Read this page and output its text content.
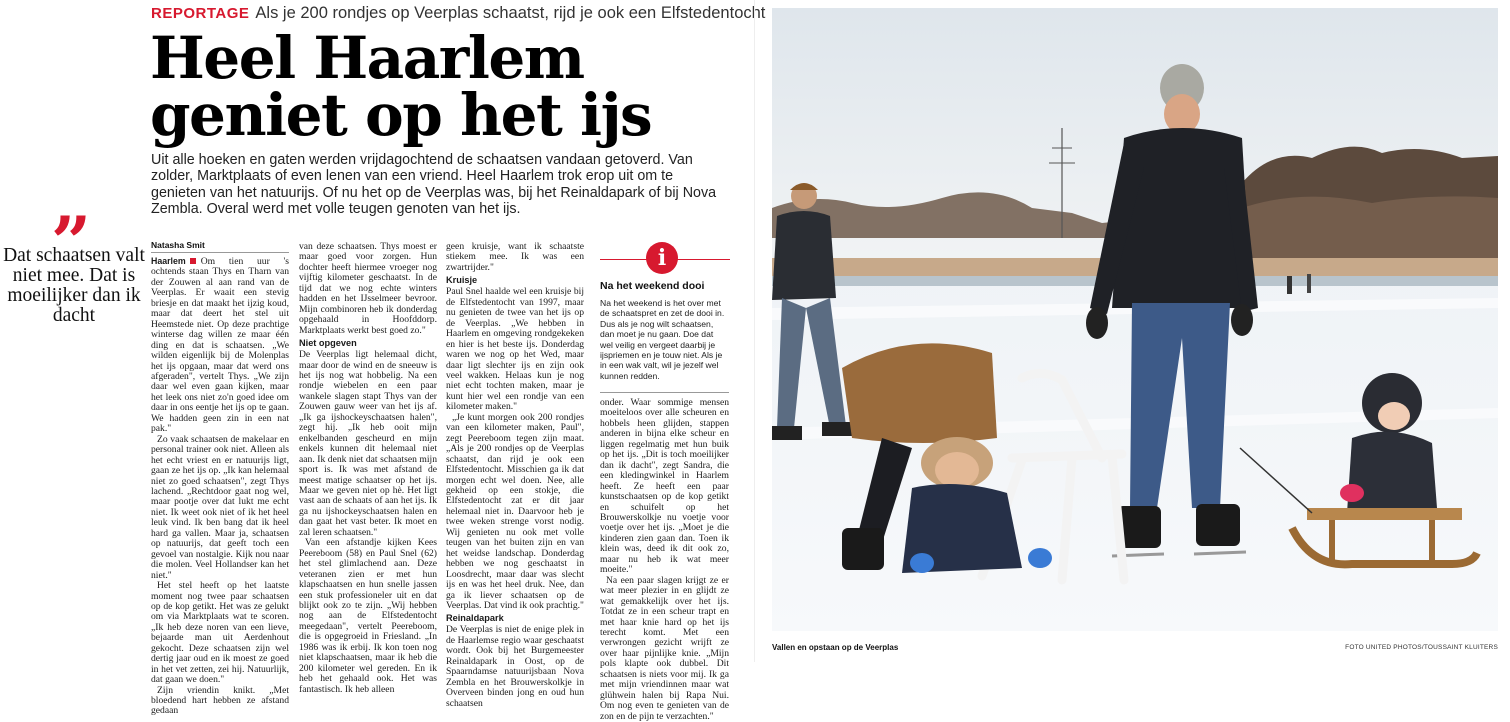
REPORTAGE Als je 200 rondjes op Veerplas schaatst, rijd je ook een Elfstedentocht
Heel Haarlem geniet op het ijs
Uit alle hoeken en gaten werden vrijdagochtend de schaatsen vandaan getoverd. Van zolder, Marktplaats of even lenen van een vriend. Heel Haarlem trok erop uit om te genieten van het natuurijs. Of nu het op de Veerplas was, bij het Reinaldapark of bij Nova Zembla. Overal werd met volle teugen genoten van het ijs.
”
Dat schaatsen valt niet mee. Dat is moeilijker dan ik dacht
Natasha Smit

Haarlem Om tien uur 's ochtends staan Thys en Tharn van der Zouwen al aan rand van de Veerplas. Er waait een stevig briesje en dat maakt het ijzig koud, maar dat deert het stel uit Heemstede niet. Op deze prachtige winterse dag willen ze maar één ding en dat is schaatsen. „We wilden eigenlijk bij de Molenplas het ijs opgaan, maar dat werd ons afgeraden", vertelt Thys. „We zijn daar wel even gaan kijken, maar het leek ons niet zo'n goed idee om daar in ons eentje het ijs op te gaan. We hadden geen zin in een nat pak."

Zo vaak schaatsen de makelaar en personal trainer ook niet. Alleen als het echt vriest en er natuurijs ligt, gaan ze het ijs op. „Ik kan helemaal niet zo goed schaatsen", zegt Thys lachend. „Rechtdoor gaat nog wel, maar pootje over dat lukt me echt niet. Ik weet ook niet of ik het heel leuk vind. Ik ben bang dat ik heel hard ga vallen. Maar ja, schaatsen op natuurijs, dat geeft toch een gevoel van nostalgie. Kijk nou naar die molen. Veel Hollandser kan het niet."

Het stel heeft op het laatste moment nog twee paar schaatsen op de kop getikt. Het was ze gelukt om via Marktplaats wat te scoren. „Ik heb deze noren van een lieve, bejaarde man uit Aerdenhout gekocht. Deze schaatsen zijn wel dertig jaar oud en ik moest ze goed in het vet zetten, zei hij. Natuurlijk, dat gaan we doen."

Zijn vriendin knikt. „Met bloedend hart hebben ze afstand gedaan

van deze schaatsen. Thys moest er maar goed voor zorgen. Hun dochter heeft hiermee vroeger nog vijftig kilometer geschaatst. In de tijd dat we nog echte winters hadden en het IJsselmeer bevroor. Mijn combinoren heb ik donderdag opgehaald in Hoofddorp. Marktplaats werkt best goed zo."

Niet opgeven

De Veerplas ligt helemaal dicht, maar door de wind en de sneeuw is het ijs nog wat hobbelig. Na een rondje wiebelen en een paar wankele slagen stapt Thys van der Zouwen gauw weer van het ijs af. „Ik ga ijshockeyschaatsen halen", zegt hij. „Ik heb ooit mijn enkelbanden gescheurd en mijn enkels kunnen dit helemaal niet aan. Ik denk niet dat schaatsen mijn sport is. Ik was met afstand de meest matige schaatser op het ijs. Maar we geven niet op hè. Het ligt vast aan de schaats of aan het ijs. Ik ga nu ijshockeyschaatsen halen en dan gaat het vast beter. Ik moet en zal leren schaatsen."

Van een afstandje kijken Kees Peereboom (58) en Paul Snel (62) het stel glimlachend aan. Deze veteranen zien er met hun klapschaatsen en hun snelle jassen een stuk professioneler uit en dat blijkt ook zo te zijn. „Wij hebben nog aan de Elfstedentocht meegedaan", vertelt Peereboom, die is opgegroeid in Friesland. „In 1986 was ik erbij. Ik kon toen nog niet klapschaatsen, maar ik heb die 200 kilometer wel gereden. En ik heb het gehaald ook. Het was fantastisch. Ik heb alleen

geen kruisje, want ik schaatste stiekem mee. Ik was een zwartrijder."

Kruisje

Paul Snel haalde wel een kruisje bij de Elfstedentocht van 1997, maar nu genieten de twee van het ijs op de Veerplas. „We hebben in Haarlem en omgeving rondgekeken en hier is het beste ijs. Donderdag waren we nog op het Wed, maar daar ligt slechter ijs en zijn ook veel wakken. Helaas kun je nog niet echt tochten maken, maar je kunt hier wel een rondje van een kilometer maken."

„Je kunt morgen ook 200 rondjes van een kilometer maken, Paul", zegt Peereboom tegen zijn maat. „Als je 200 rondjes op de Veerplas schaatst, dan rijd je ook een Elfstedentocht. Misschien ga ik dat morgen echt wel doen. Nee, alle gekheid op een stokje, die Elfstedentocht zat er dit jaar helemaal niet in. Daarvoor heb je twee weken strenge vorst nodig. Wij genieten nu ook met volle teugen van het buiten zijn en van het weidse landschap. Donderdag hebben we nog geschaatst in Loosdrecht, maar daar was slecht ijs en was het heel druk. Nee, dan ga ik liever schaatsen op de Veerplas. Dat vind ik ook prachtig."

Reinaldapark

De Veerplas is niet de enige plek in de Haarlemse regio waar geschaatst wordt. Ook bij het Burgemeester Reinaldapark in Oost, op de Spaarndamse natuurijsbaan Nova Zembla en het Brouwerskolkje in Overveen binden jong en oud hun schaatsen

i
Na het weekend dooi

Na het weekend is het over met de schaatspret en zet de dooi in. Dus als je nog wilt schaatsen, dan moet je nu gaan. Doe dat wel veilig en vergeet daarbij je ijspriemen en je touw niet. Als je in een wak valt, wil je jezelf wel kunnen redden.

onder. Waar sommige mensen moeiteloos over alle scheuren en hobbels heen glijden, stappen anderen in bijna elke scheur en liggen regelmatig met hun buik op het ijs. „Dit is toch moeilijker dan ik dacht", zegt Sandra, die een kledingwinkel in Haarlem heeft. Ze heeft een paar kunstschaatsen op de kop getikt en schuifelt op het Brouwerskolkje nu voetje voor voetje over het ijs. „Moet je die kinderen zien gaan dan. Toen ik klein was, deed ik dit ook zo, maar nu heb ik wat meer moeite."

Na een paar slagen krijgt ze er wat meer plezier in en glijdt ze wat gemakkelijk over het ijs. Totdat ze in een scheur trapt en met haar knie hard op het ijs terecht komt. Met een verwrongen gezicht wrijft ze over haar pijnlijke knie. „Mijn pols klapte ook dubbel. Dit schaatsen is niets voor mij. Ik ga met mijn vriendinnen maar wat glühwein halen bij Rapa Nui. Om nog even te genieten van de zon en de pijn te verzachten."

Vallen en opstaan op de Veerplas	FOTO UNITED PHOTOS/TOUSSAINT KLUITERS
